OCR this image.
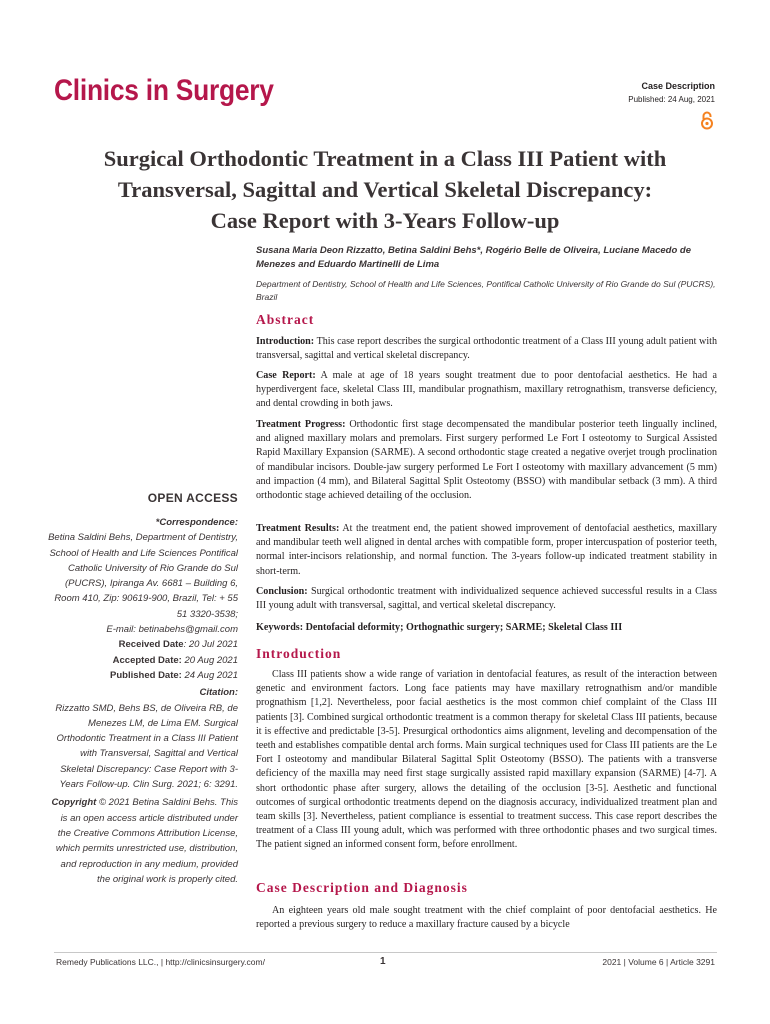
Clinics in Surgery	Case Description
Published: 24 Aug, 2021
Surgical Orthodontic Treatment in a Class III Patient with
Transversal, Sagittal and Vertical Skeletal Discrepancy:
Case Report with 3-Years Follow-up
Susana Maria Deon Rizzatto, Betina Saldini Behs*, Rogério Belle de Oliveira, Luciane Macedo de Menezes and Eduardo Martinelli de Lima
Department of Dentistry, School of Health and Life Sciences, Pontifical Catholic University of Rio Grande do Sul (PUCRS), Brazil
Abstract
Introduction: This case report describes the surgical orthodontic treatment of a Class III young adult patient with transversal, sagittal and vertical skeletal discrepancy.
Case Report: A male at age of 18 years sought treatment due to poor dentofacial aesthetics. He had a hyperdivergent face, skeletal Class III, mandibular prognathism, maxillary retrognathism, transverse deficiency, and dental crowding in both jaws.
Treatment Progress: Orthodontic first stage decompensated the mandibular posterior teeth lingually inclined, and aligned maxillary molars and premolars. First surgery performed Le Fort I osteotomy to Surgical Assisted Rapid Maxillary Expansion (SARME). A second orthodontic stage created a negative overjet trough proclination of mandibular incisors. Double-jaw surgery performed Le Fort I osteotomy with maxillary advancement (5 mm) and impaction (4 mm), and Bilateral Sagittal Split Osteotomy (BSSO) with mandibular setback (3 mm). A third orthodontic stage achieved detailing of the occlusion.
Treatment Results: At the treatment end, the patient showed improvement of dentofacial aesthetics, maxillary and mandibular teeth well aligned in dental arches with compatible form, proper intercuspation of posterior teeth, normal inter-incisors relationship, and normal function. The 3-years follow-up indicated treatment stability in short-term.
Conclusion: Surgical orthodontic treatment with individualized sequence achieved successful results in a Class III young adult with transversal, sagittal, and vertical skeletal discrepancy.
Keywords: Dentofacial deformity; Orthognathic surgery; SARME; Skeletal Class III
Introduction
Class III patients show a wide range of variation in dentofacial features, as result of the interaction between genetic and environment factors. Long face patients may have maxillary retrognathism and/or mandible prognathism [1,2]. Nevertheless, poor facial aesthetics is the most common chief complaint of the Class III patients [3]. Combined surgical orthodontic treatment is a common therapy for skeletal Class III patients, because it is effective and predictable [3-5]. Presurgical orthodontics aims alignment, leveling and decompensation of the teeth and establishes compatible dental arch forms. Main surgical techniques used for Class III patients are the Le Fort I osteotomy and mandibular Bilateral Sagittal Split Osteotomy (BSSO). The patients with a transverse deficiency of the maxilla may need first stage surgically assisted rapid maxillary expansion (SARME) [4-7]. A short orthodontic phase after surgery, allows the detailing of the occlusion [3-5]. Aesthetic and functional outcomes of surgical orthodontic treatments depend on the diagnosis accuracy, individualized treatment plan and team skills [3]. Nevertheless, patient compliance is essential to treatment success. This case report describes the treatment of a Class III young adult, which was performed with three orthodontic phases and two surgical times. The patient signed an informed consent form, before enrollment.
Case Description and Diagnosis
An eighteen years old male sought treatment with the chief complaint of poor dentofacial aesthetics. He reported a previous surgery to reduce a maxillary fracture caused by a bicycle
OPEN ACCESS
*Correspondence:
Betina Saldini Behs, Department of Dentistry, School of Health and Life Sciences Pontifical Catholic University of Rio Grande do Sul (PUCRS), Ipiranga Av. 6681 – Building 6, Room 410, Zip: 90619-900, Brazil, Tel: + 55 51 3320-3538;
E-mail: betinabehs@gmail.com
Received Date: 20 Jul 2021
Accepted Date: 20 Aug 2021
Published Date: 24 Aug 2021
Citation:
Rizzatto SMD, Behs BS, de Oliveira RB, de Menezes LM, de Lima EM. Surgical Orthodontic Treatment in a Class III Patient with Transversal, Sagittal and Vertical Skeletal Discrepancy: Case Report with 3-Years Follow-up. Clin Surg. 2021; 6: 3291.
Copyright © 2021 Betina Saldini Behs. This is an open access article distributed under the Creative Commons Attribution License, which permits unrestricted use, distribution, and reproduction in any medium, provided the original work is properly cited.
Remedy Publications LLC., | http://clinicsinsurgery.com/	1	2021 | Volume 6 | Article 3291
